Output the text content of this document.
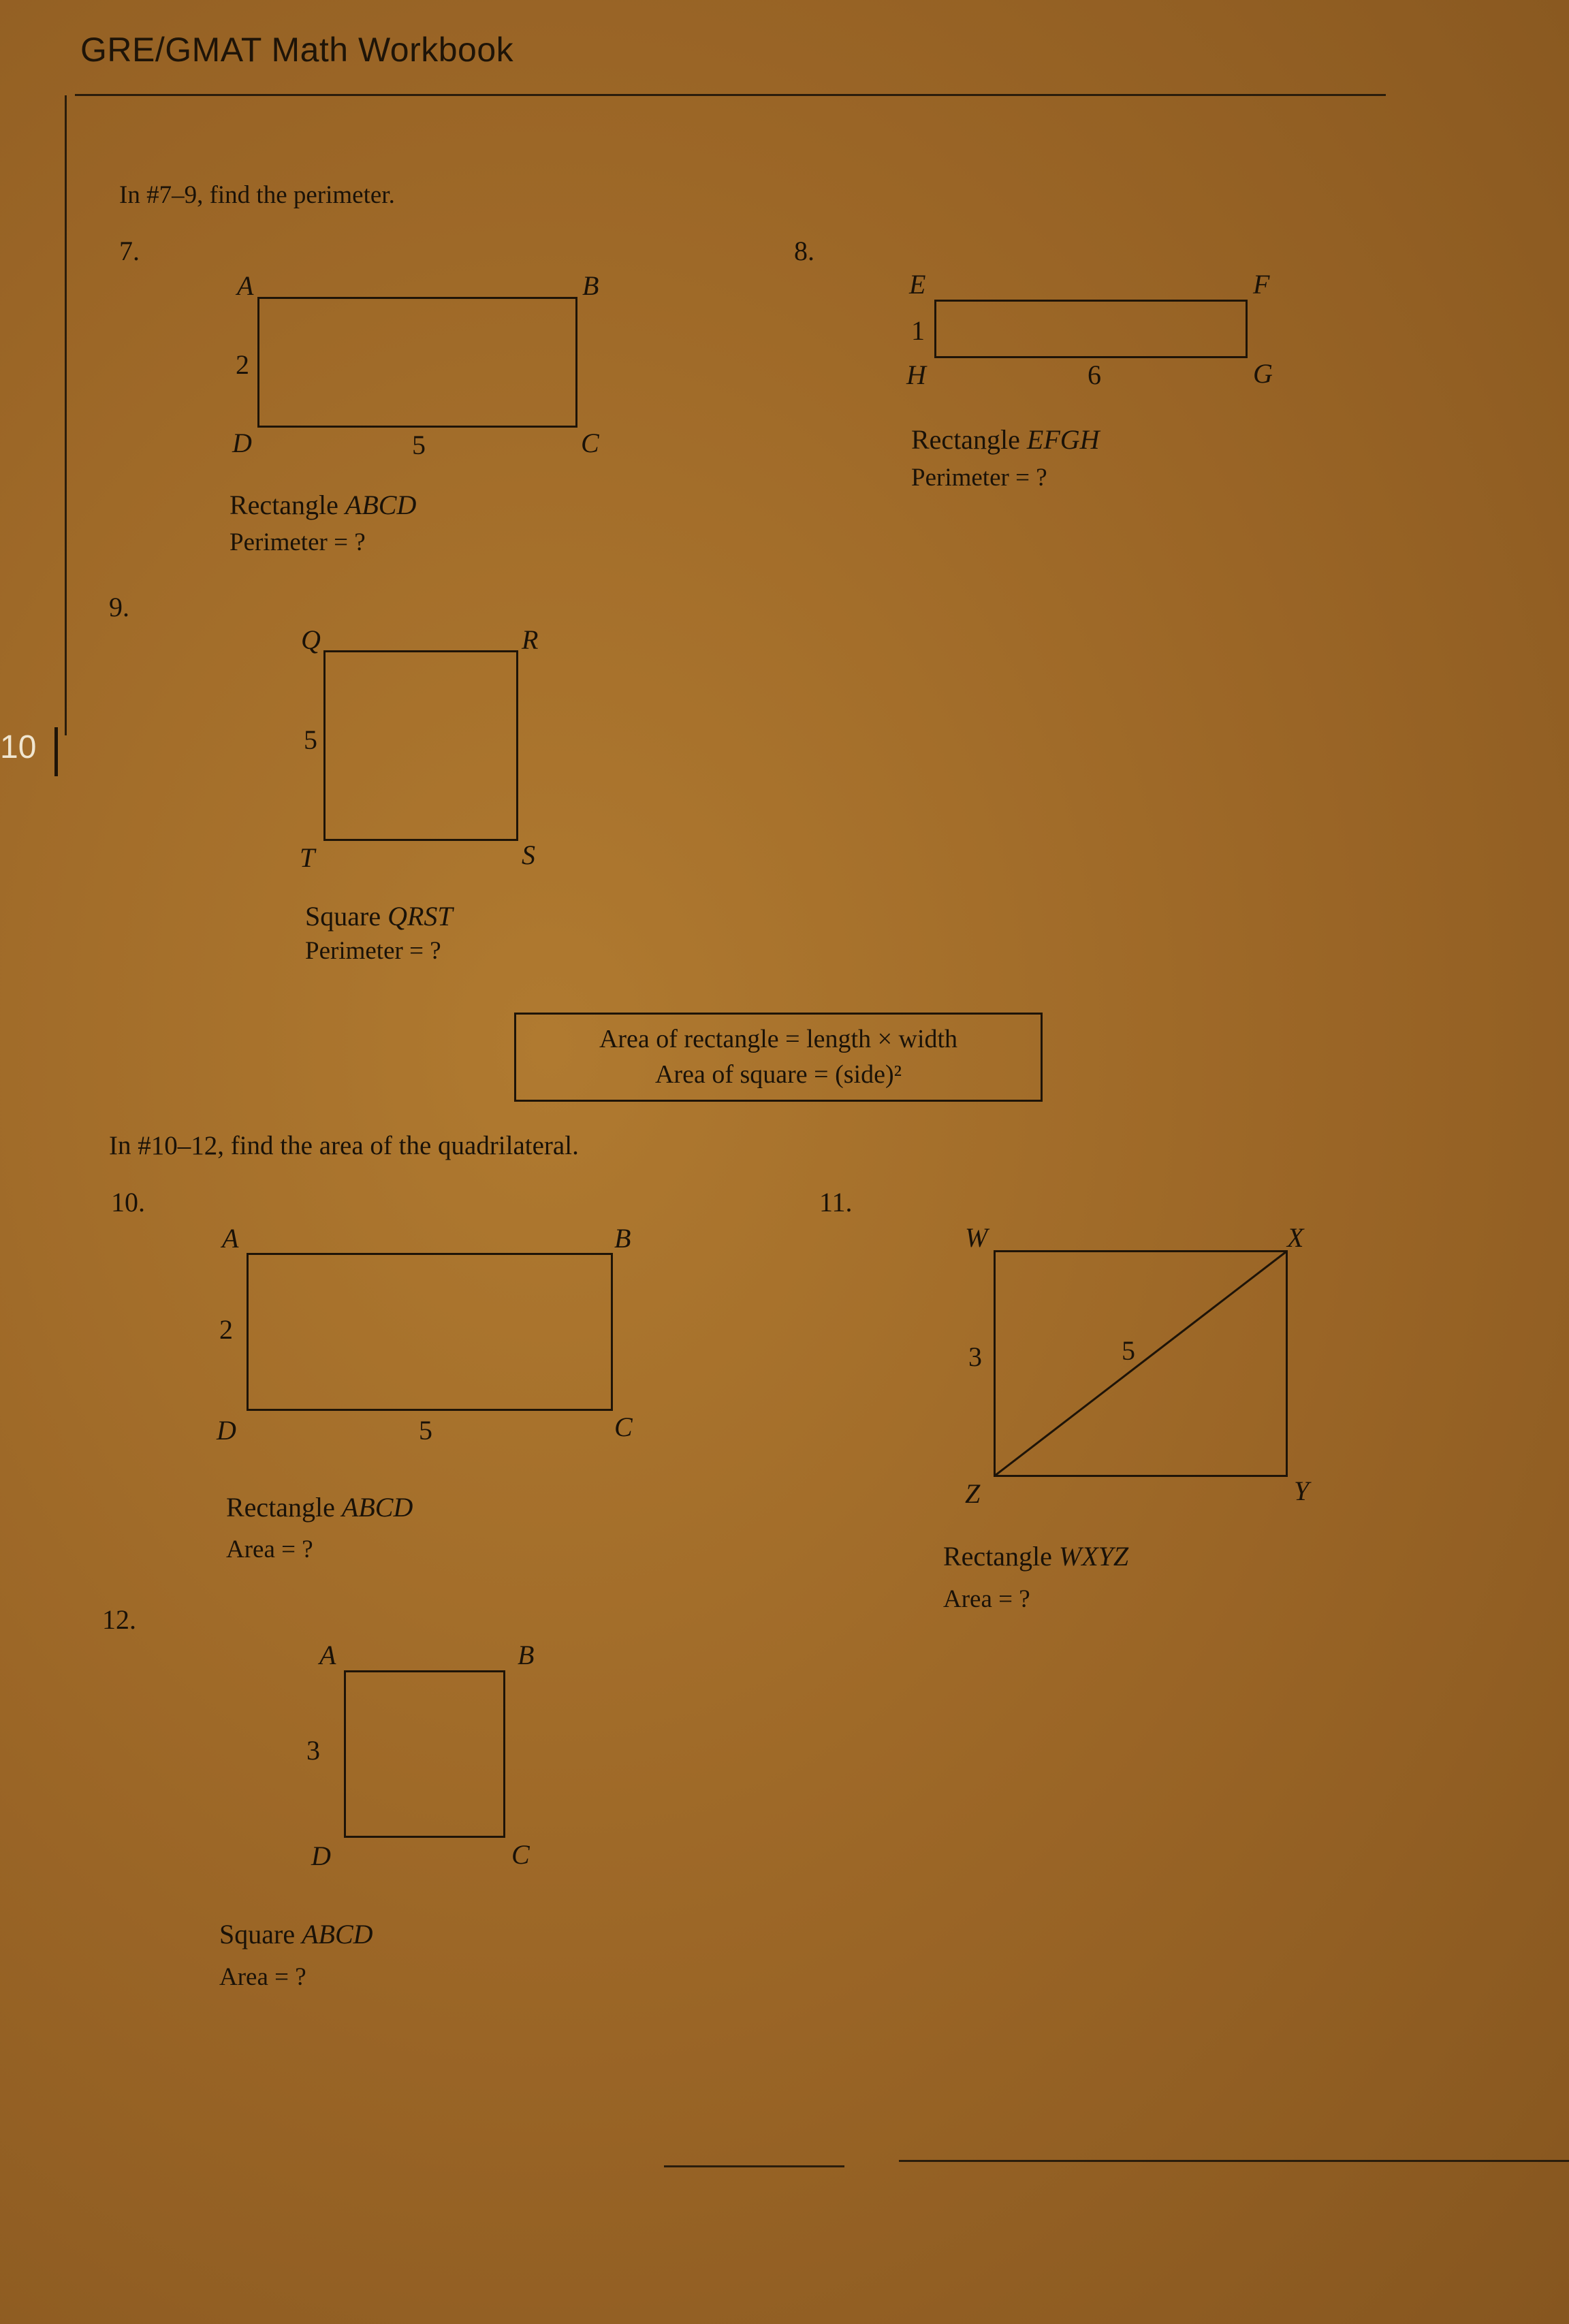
GRE/GMAT Math Workbook
10
In #7–9, find the perimeter.
7.
A	B
C
D
2
5
Rectangle ABCD
Perimeter = ?
8.
E	F
G
H
1
6
Rectangle EFGH
Perimeter = ?
9.
Q	R
S
T
5
Square QRST
Perimeter = ?
Area of rectangle = length × width
Area of square = (side)²
In #10–12, find the area of the quadrilateral.
10.
A	B
C
D
2
5
Rectangle ABCD
Area = ?
11.
W	X
Y
Z
3	5
Rectangle WXYZ
Area = ?
12.
A	B
C
D
3
Square ABCD
Area = ?
